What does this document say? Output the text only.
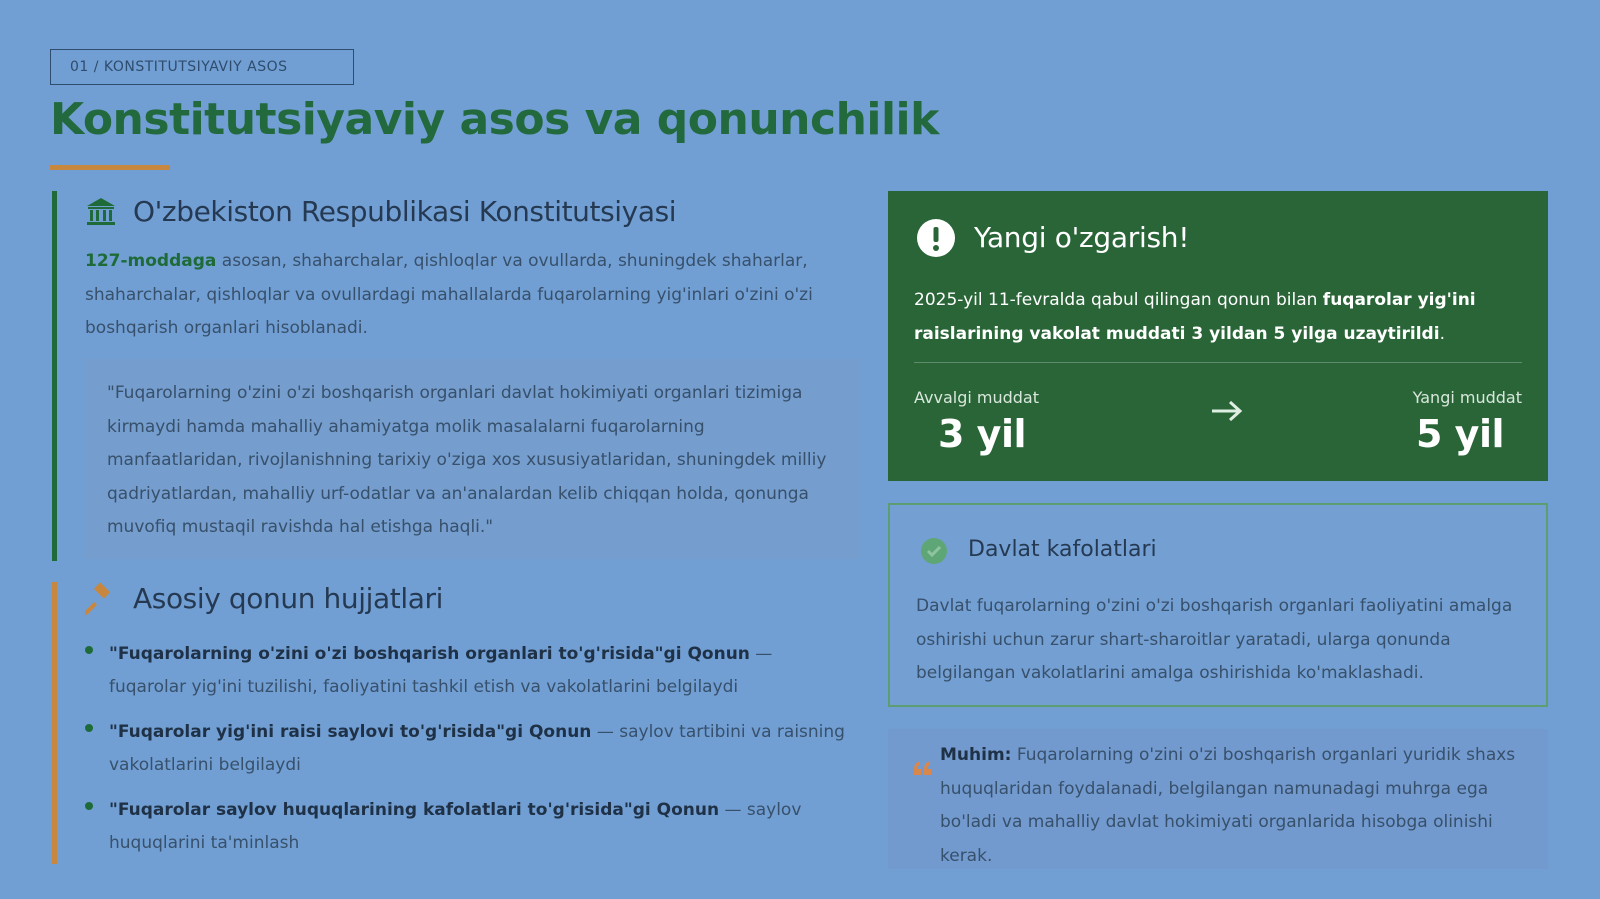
01 / KONSTITUTSIYAVIY ASOS
Konstitutsiyaviy asos va qonunchilik
O'zbekiston Respublikasi Konstitutsiyasi

127-moddaga asosan, shaharchalar, qishloqlar va ovullarda, shuningdek shaharlar, shaharchalar, qishloqlar va ovullardagi mahallalarda fuqarolarning yig'inlari o'zini o'zi boshqarish organlari hisoblanadi.

"Fuqarolarning o'zini o'zi boshqarish organlari davlat hokimiyati organlari tizimiga kirmaydi hamda mahalliy ahamiyatga molik masalalarni fuqarolarning manfaatlaridan, rivojlanishning tarixiy o'ziga xos xususiyatlaridan, shuningdek milliy qadriyatlardan, mahalliy urf-odatlar va an'analardan kelib chiqqan holda, qonunga muvofiq mustaqil ravishda hal etishga haqli."
Asosiy qonun hujjatlari
"Fuqarolarning o'zini o'zi boshqarish organlari to'g'risida"gi Qonun — fuqarolar yig'ini tuzilishi, faoliyatini tashkil etish va vakolatlarini belgilaydi
"Fuqarolar yig'ini raisi saylovi to'g'risida"gi Qonun — saylov tartibini va raisning vakolatlarini belgilaydi
"Fuqarolar saylov huquqlarining kafolatlari to'g'risida"gi Qonun — saylov huquqlarini ta'minlash
Yangi o'zgarish!

2025-yil 11-fevralda qabul qilingan qonun bilan fuqarolar yig'ini raislarining vakolat muddati 3 yildan 5 yilga uzaytirildi.

Avvalgi muddat
3 yil
Yangi muddat
5 yil
Davlat kafolatlari

Davlat fuqarolarning o'zini o'zi boshqarish organlari faoliyatini amalga oshirishi uchun zarur shart-sharoitlar yaratadi, ularga qonunda belgilangan vakolatlarini amalga oshirishida ko'maklashadi.

Muhim: Fuqarolarning o'zini o'zi boshqarish organlari yuridik shaxs huquqlaridan foydalanadi, belgilangan namunadagi muhrga ega bo'ladi va mahalliy davlat hokimiyati organlarida hisobga olinishi kerak.
